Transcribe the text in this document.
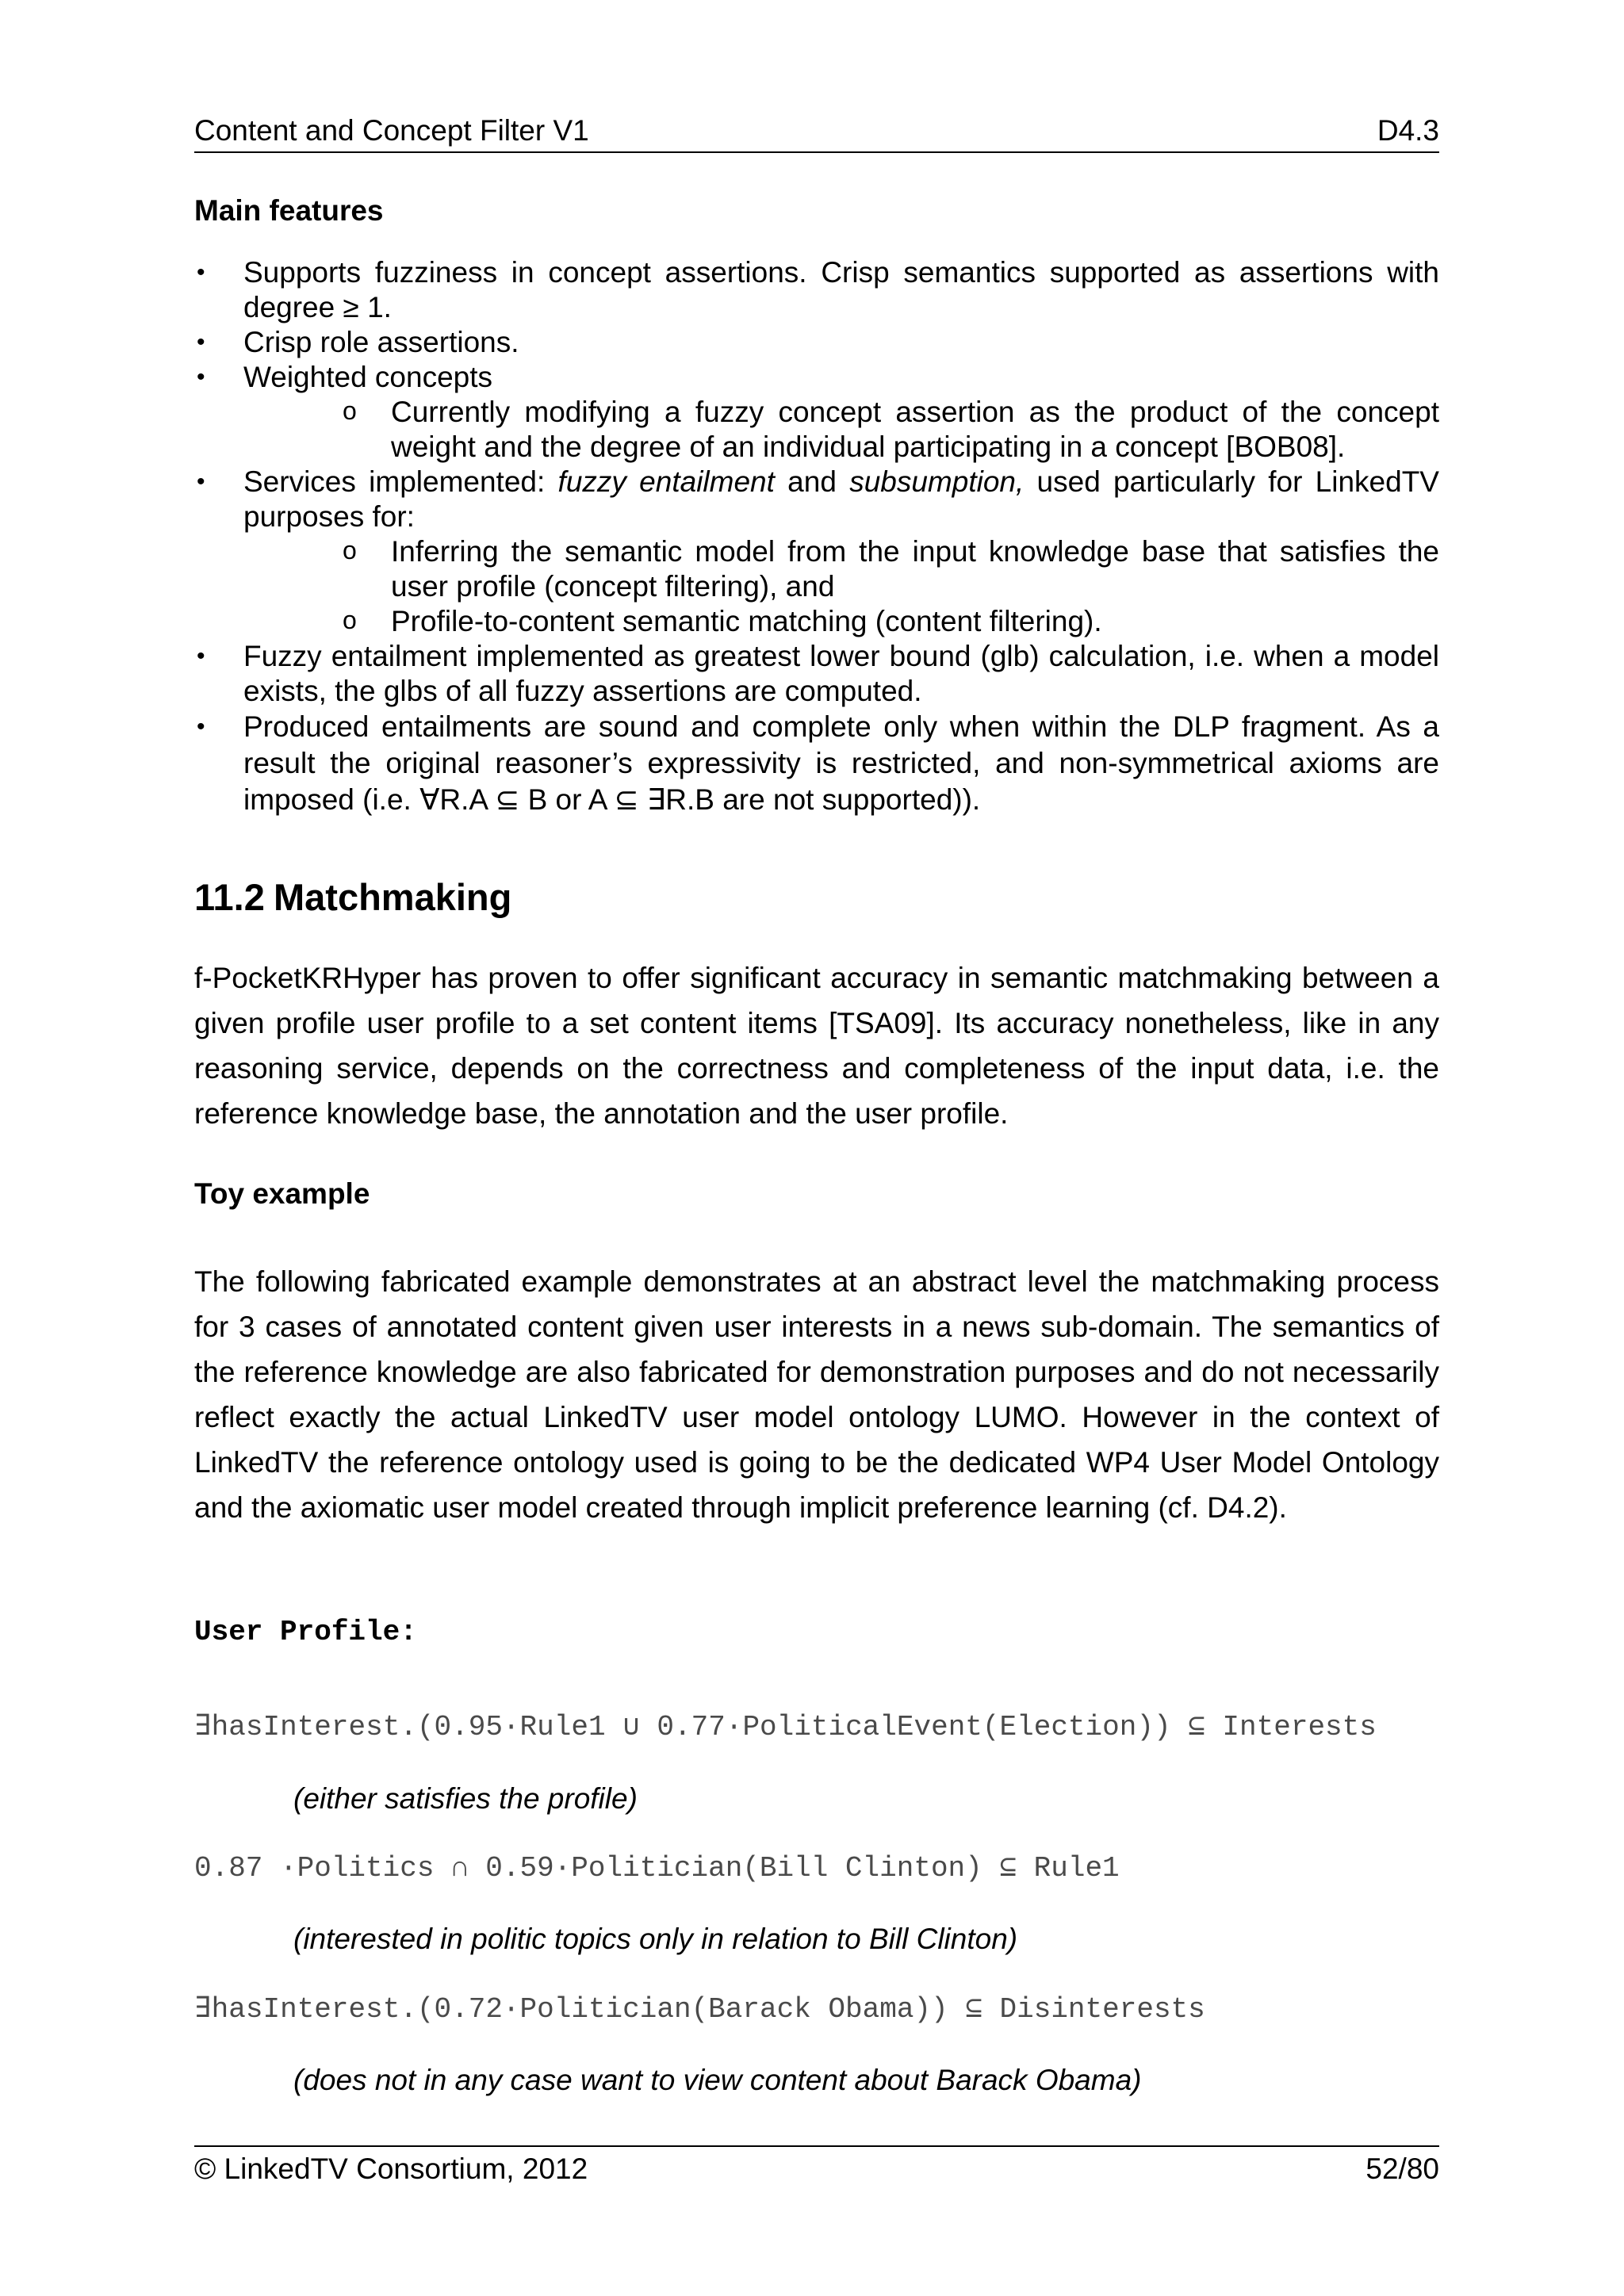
Content and Concept Filter V1	D4.3
Main features
• Supports fuzziness in concept assertions. Crisp semantics supported as assertions with degree ≥ 1.
• Crisp role assertions.
• Weighted concepts
o Currently modifying a fuzzy concept assertion as the product of the concept weight and the degree of an individual participating in a concept [BOB08].
• Services implemented: fuzzy entailment and subsumption, used particularly for LinkedTV purposes for:
o Inferring the semantic model from the input knowledge base that satisfies the user profile (concept filtering), and
o Profile-to-content semantic matching (content filtering).
• Fuzzy entailment implemented as greatest lower bound (glb) calculation, i.e. when a model exists, the glbs of all fuzzy assertions are computed.
• Produced entailments are sound and complete only when within the DLP fragment. As a result the original reasoner’s expressivity is restricted, and non-symmetrical axioms are imposed (i.e. ∀R.A ⊆ B or A ⊆ ∃R.B are not supported)).
11.2 Matchmaking
f-PocketKRHyper has proven to offer significant accuracy in semantic matchmaking between a given profile user profile to a set content items [TSA09]. Its accuracy nonetheless, like in any reasoning service, depends on the correctness and completeness of the input data, i.e. the reference knowledge base, the annotation and the user profile.
Toy example
The following fabricated example demonstrates at an abstract level the matchmaking process for 3 cases of annotated content given user interests in a news sub-domain. The semantics of the reference knowledge are also fabricated for demonstration purposes and do not necessarily reflect exactly the actual LinkedTV user model ontology LUMO. However in the context of LinkedTV the reference ontology used is going to be the dedicated WP4 User Model Ontology and the axiomatic user model created through implicit preference learning (cf. D4.2).
User Profile:
∃hasInterest.(0.95·Rule1 ∪ 0.77·PoliticalEvent(Election)) ⊆ Interests
(either satisfies the profile)
0.87 ·Politics ∩ 0.59·Politician(Bill Clinton) ⊆ Rule1
(interested in politic topics only in relation to Bill Clinton)
∃hasInterest.(0.72·Politician(Barack Obama)) ⊆ Disinterests
(does not in any case want to view content about Barack Obama)
© LinkedTV Consortium, 2012	52/80
